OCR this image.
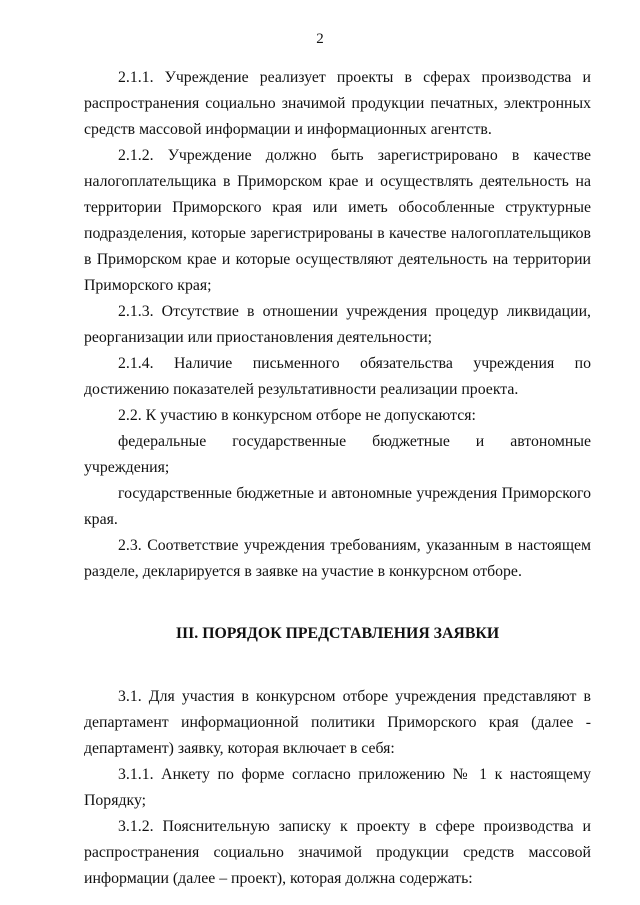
2

2.1.1. Учреждение реализует проекты в сферах производства и распространения социально значимой продукции печатных, электронных средств массовой информации и информационных агентств.

2.1.2. Учреждение должно быть зарегистрировано в качестве налогоплательщика в Приморском крае и осуществлять деятельность на территории Приморского края или иметь обособленные структурные подразделения, которые зарегистрированы в качестве налогоплательщиков в Приморском крае и которые осуществляют деятельность на территории Приморского края;

2.1.3. Отсутствие в отношении учреждения процедур ликвидации, реорганизации или приостановления деятельности;

2.1.4. Наличие письменного обязательства учреждения по достижению показателей результативности реализации проекта.

2.2. К участию в конкурсном отборе не допускаются:

федеральные государственные бюджетные и автономные учреждения;

государственные бюджетные и автономные учреждения Приморского края.

2.3. Соответствие учреждения требованиям, указанным в настоящем разделе, декларируется в заявке на участие в конкурсном отборе.

III. ПОРЯДОК ПРЕДСТАВЛЕНИЯ ЗАЯВКИ

3.1. Для участия в конкурсном отборе учреждения представляют в департамент информационной политики Приморского края (далее - департамент) заявку, которая включает в себя:

3.1.1. Анкету по форме согласно приложению № 1 к настоящему Порядку;

3.1.2. Пояснительную записку к проекту в сфере производства и распространения социально значимой продукции средств массовой информации (далее – проект), которая должна содержать:
